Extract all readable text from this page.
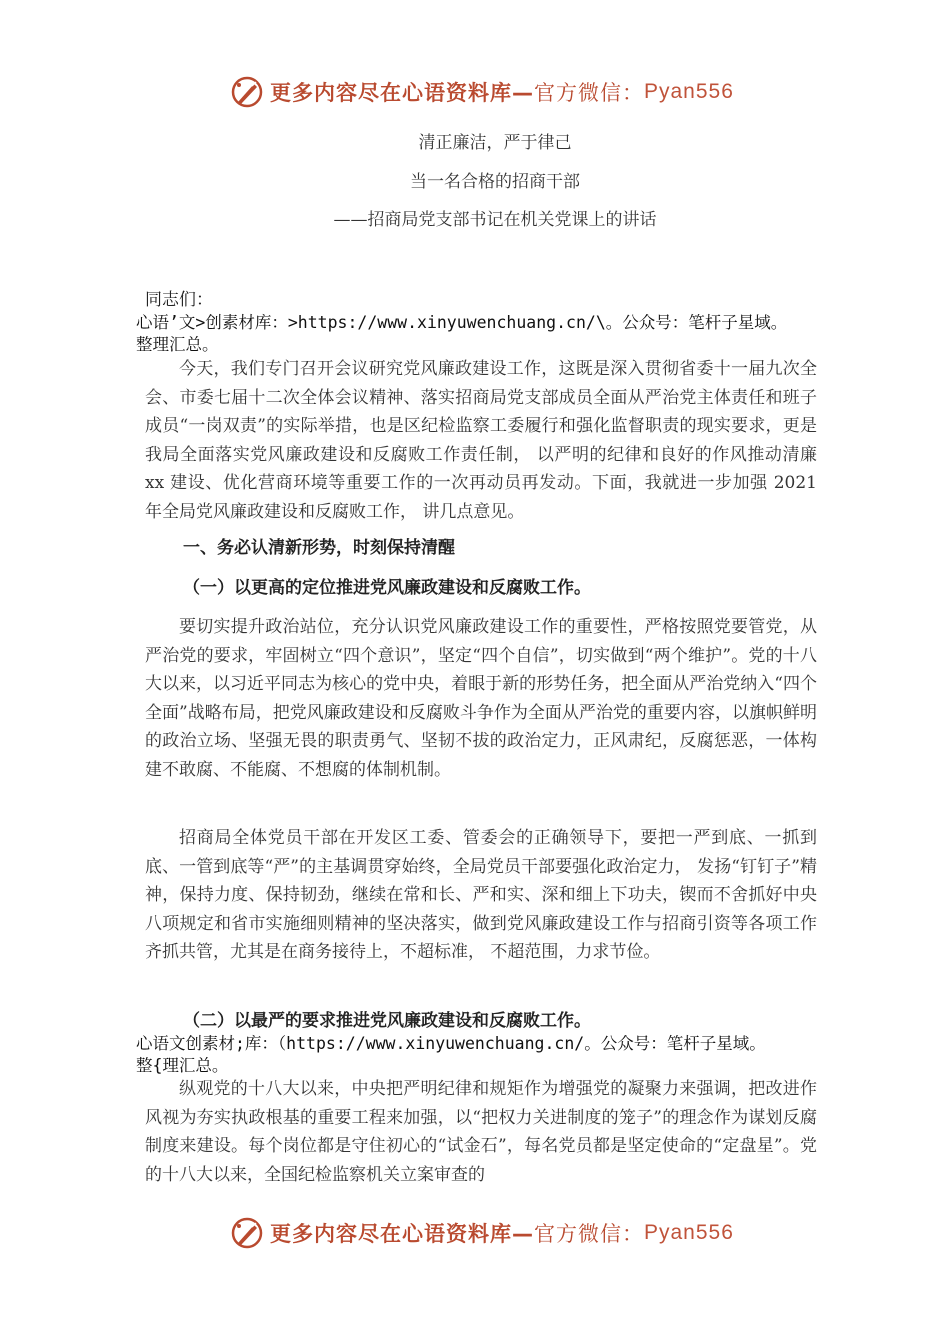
更多内容尽在心语资料库— 官方微信： Pyan556
清正廉洁，严于律己
当一名合格的招商干部
——招商局党支部书记在机关党课上的讲话
同志们：
心语’文>创素材库：>https://www.xinyuwenchuang.cn/\。公众号：笔杆子星域。
整理汇总。

今天，我们专门召开会议研究党风廉政建设工作，这既是深入贯彻省委十一届九次全会、市委七届十二次全体会议精神、落实招商局党支部成员全面从严治党主体责任和班子成员“一岗双责”的实际举措，也是区纪检监察工委履行和强化监督职责的现实要求，更是我局全面落实党风廉政建设和反腐败工作责任制， 以严明的纪律和良好的作风推动清廉 xx 建设、优化营商环境等重要工作的一次再动员再发动。下面，我就进一步加强 2021 年全局党风廉政建设和反腐败工作， 讲几点意见。

一、务必认清新形势，时刻保持清醒
（一）以更高的定位推进党风廉政建设和反腐败工作。

要切实提升政治站位，充分认识党风廉政建设工作的重要性，严格按照党要管党，从严治党的要求，牢固树立“四个意识”，坚定“四个自信”，切实做到“两个维护”。党的十八大以来，以习近平同志为核心的党中央，着眼于新的形势任务，把全面从严治党纳入“四个全面”战略布局，把党风廉政建设和反腐败斗争作为全面从严治党的重要内容，以旗帜鲜明的政治立场、坚强无畏的职责勇气、坚韧不拔的政治定力，正风肃纪，反腐惩恶，一体构建不敢腐、不能腐、不想腐的体制机制。

招商局全体党员干部在开发区工委、管委会的正确领导下，要把一严到底、一抓到底、一管到底等“严”的主基调贯穿始终，全局党员干部要强化政治定力， 发扬“钉钉子”精神，保持力度、保持韧劲，继续在常和长、严和实、深和细上下功夫，锲而不舍抓好中央八项规定和省市实施细则精神的坚决落实，做到党风廉政建设工作与招商引资等各项工作齐抓共管，尤其是在商务接待上，不超标准， 不超范围，力求节俭。

（二）以最严的要求推进党风廉政建设和反腐败工作。
心语文创素材;库：（https://www.xinyuwenchuang.cn/。公众号：笔杆子星域。
整{理汇总。

纵观党的十八大以来，中央把严明纪律和规矩作为增强党的凝聚力来强调，把改进作风视为夯实执政根基的重要工程来加强，以“把权力关进制度的笼子”的理念作为谋划反腐制度来建设。每个岗位都是守住初心的“试金石”，每名党员都是坚定使命的“定盘星”。党的十八大以来，全国纪检监察机关立案审查的

更多内容尽在心语资料库— 官方微信： Pyan556
